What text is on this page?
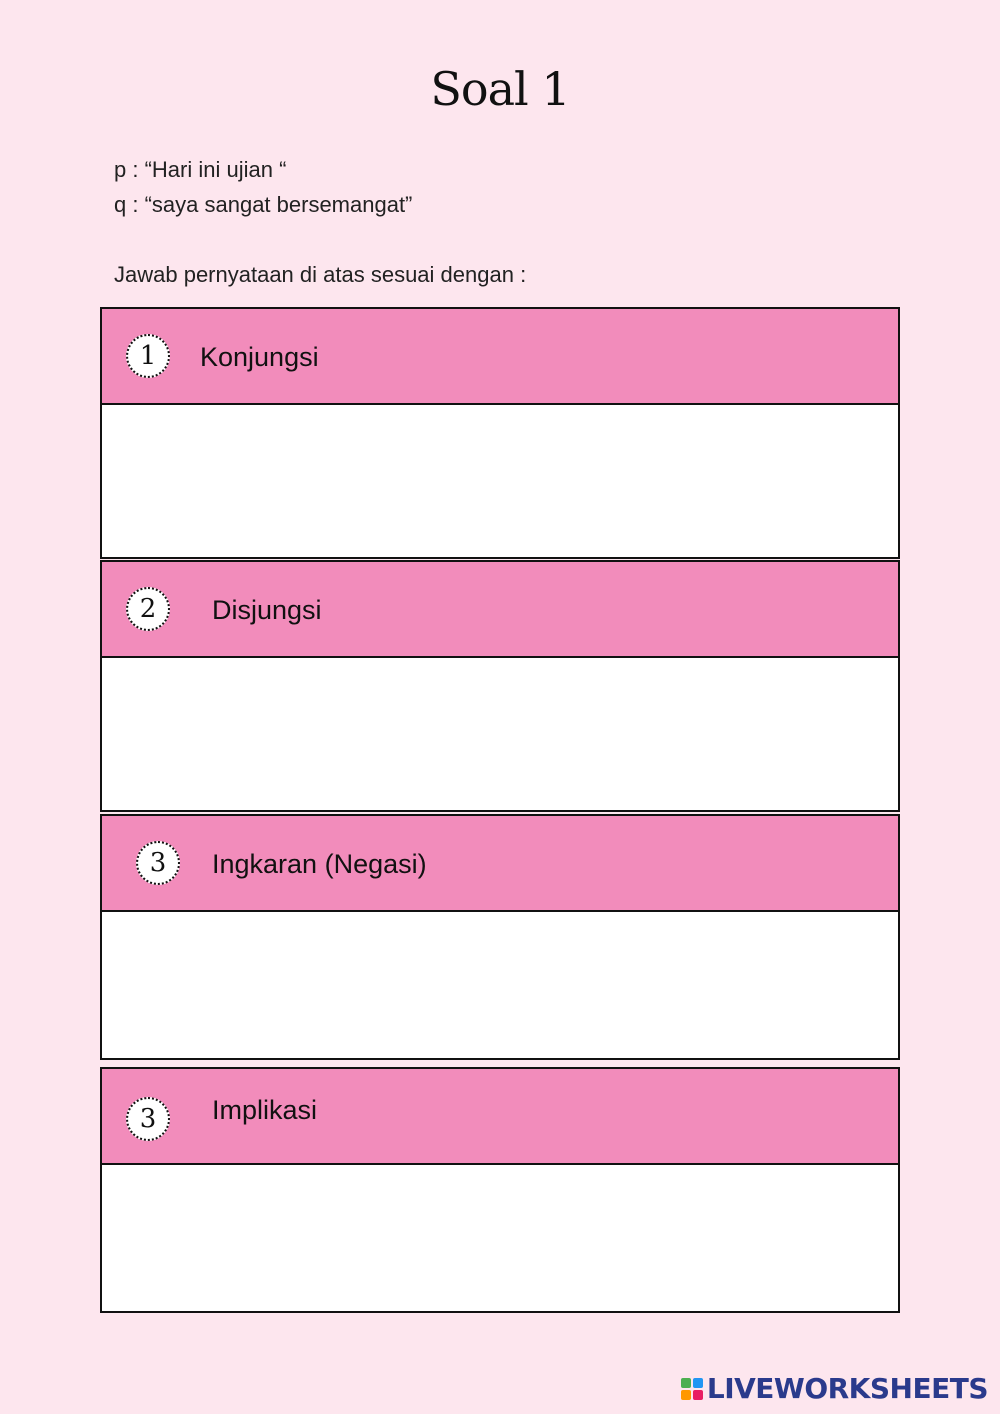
Soal 1
p : “Hari ini ujian “
q : “saya sangat bersemangat”
Jawab pernyataan di atas sesuai dengan :
1	Konjungsi
2	Disjungsi
3	Ingkaran (Negasi)
3	Implikasi
LIVEWORKSHEETS
